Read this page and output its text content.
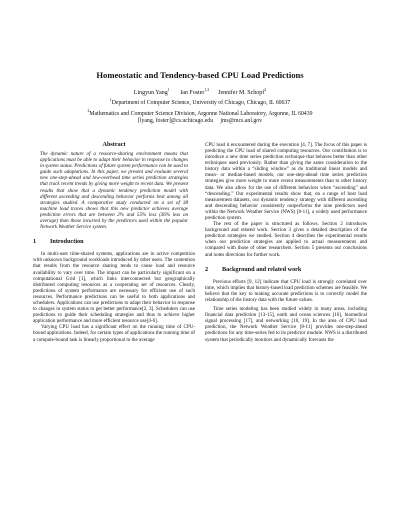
Homeostatic and Tendency-based CPU Load Predictions
Lingyun Yang$^1$ Ian Foster$^{1,2}$ Jennifer M. Schopf$^2$
$^1$Department of Computer Science, University of Chicago, Chicago, IL 60637
$^2$Mathematics and Computer Science Division, Argonne National Laboratory, Argonne, IL 60439
[lyang, foster]@cs.uchicago.edu     jms@mcs.anl.gov
Abstract

The dynamic nature of a resource-sharing environment means that applications must be able to adapt their behavior in response to changes in system status. Predictions of future system performance can be used to guide such adaptations. In this paper, we present and evaluate several new one-step-ahead and low-overhead time series prediction strategies that track recent trends by giving more weight to recent data. We present results that show that a dynamic tendency prediction model with different ascending and descending behavior performs best among all strategies studied. A comparative study conducted on a set of 38 machine load traces shows that this new predictor achieves average prediction errors that are between 2% and 55% less (36% less on average) than those incurred by the predictors used within the popular Network Weather Service system.

1 Introduction

In multi-user time-shared systems, applications are in active competition with unknown background workloads introduced by other users. The contention that results from the resource sharing tends to cause load and resource availability to vary over time. The impact can be particularly significant on a computational Grid [1], which links interconnected but geographically distributed computing resources as a cooperating set of resources. Clearly, predictions of system performance are necessary for efficient use of such resources. Performance predictions can be useful to both applications and schedulers. Applications can use predictions to adapt their behavior in response to changes in system status to get better performance[2, 3]. Schedulers can use predictions to guide their scheduling strategies and thus to achieve higher application performance and more efficient resource use[4-6].

Varying CPU load has a significant effect on the running time of CPU-bound applications. Indeed, for certain types of applications the running time of a compute-bound task is linearly proportional to the average

CPU load it encountered during the execution [4, 7]. The focus of this paper is predicting the CPU load of shared computing resources. Our contribution is to introduce a new time series prediction technique that behaves better than other techniques used previously. Rather than giving the same consideration to the history data within a “sliding window” as do traditional linear models and mean- or median-based models, our one-step-ahead time series prediction strategies give more weight to more recent measurements than to other history data. We also allow for the use of different behaviors when “ascending” and “descending.” Our experimental results show that, on a range of host load measurement datasets, our dynamic tendency strategy with different ascending and descending behavior consistently outperforms the nine predictors used within the Network Weather Service (NWS) [8-11], a widely used performance prediction system.

The rest of the paper is structured as follows. Section 2 introduces background and related work. Section 3 gives a detailed description of the prediction strategies we studied. Section 4 describes the experimental results when our prediction strategies are applied to actual measurements and compared with those of other researchers. Section 5 presents our conclusions and notes directions for further work.

2 Background and related work

Previous efforts [9, 12] indicate that CPU load is strongly correlated over time, which implies that history-based load prediction schemes are feasible. We believe that the key to making accurate predictions is to correctly model the relationship of the history data with the future values.

Time series modeling has been studied widely in many areas, including financial data prediction [13-15], earth and ocean sciences [16], biomedical signal processing [17], and networking [18, 19]. In the area of CPU load prediction, the Network Weather Service [8-11] provides one-step-ahead predictions for any time-series fed to its predictor module. NWS is a distributed system that periodically monitors and dynamically forecasts the
